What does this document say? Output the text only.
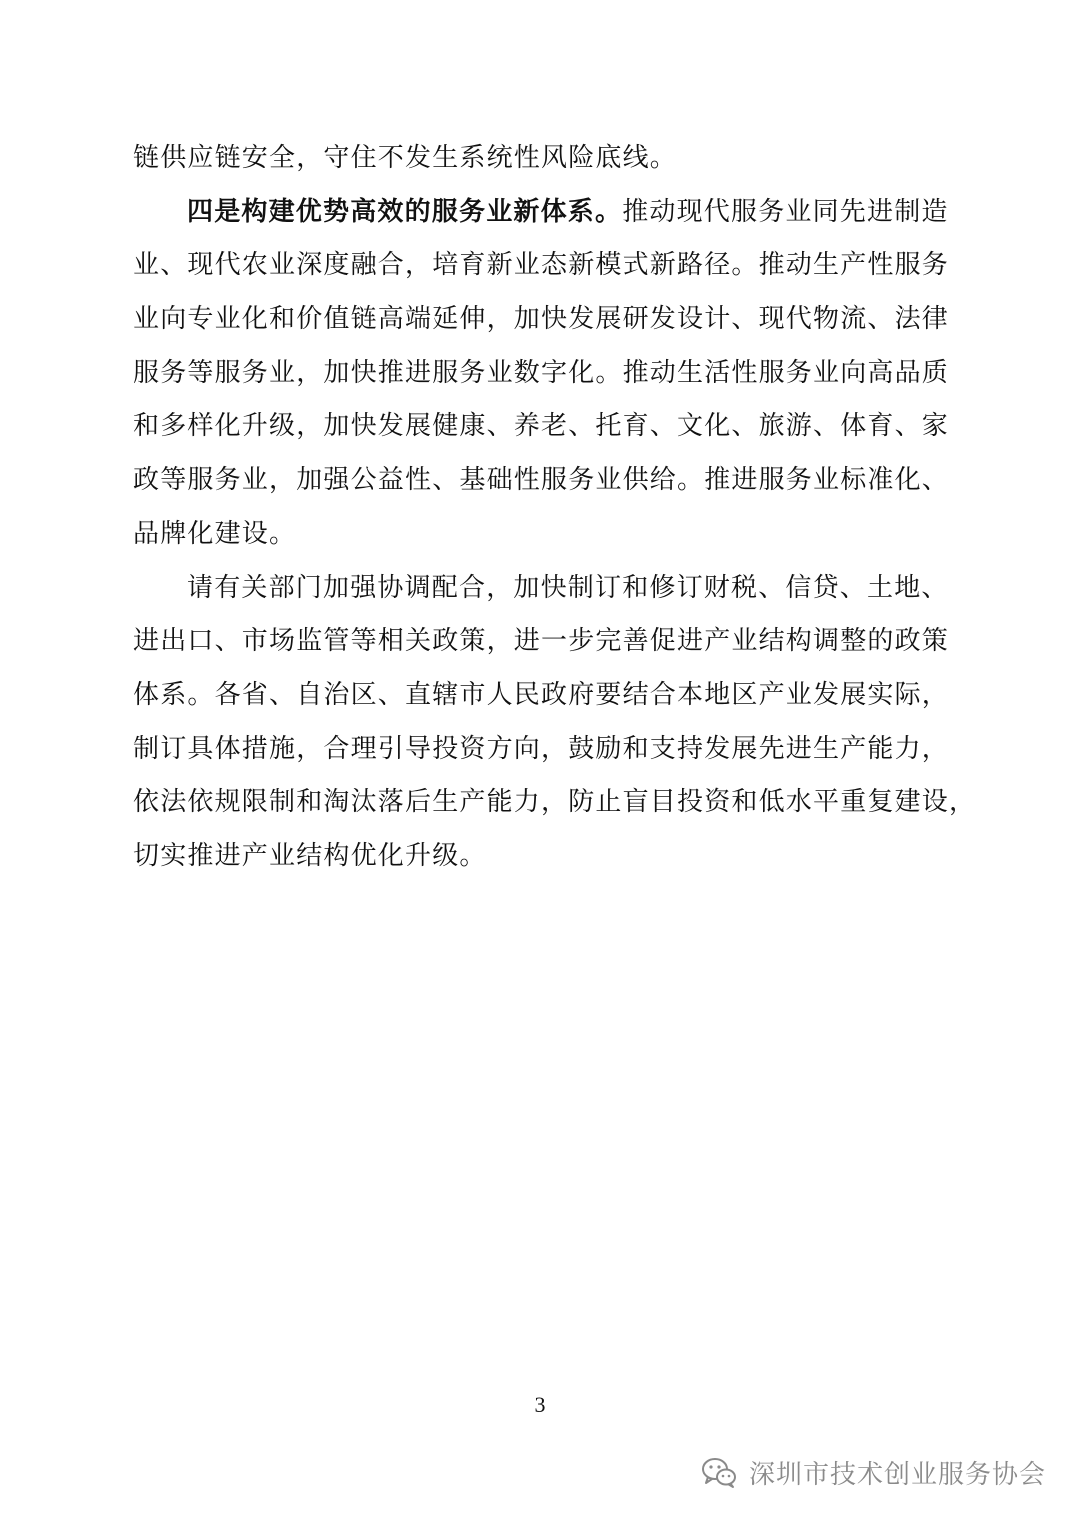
链供应链安全，守住不发生系统性风险底线。
四是构建优势高效的服务业新体系。推动现代服务业同先进制造
业、现代农业深度融合，培育新业态新模式新路径。推动生产性服务
业向专业化和价值链高端延伸，加快发展研发设计、现代物流、法律
服务等服务业，加快推进服务业数字化。推动生活性服务业向高品质
和多样化升级，加快发展健康、养老、托育、文化、旅游、体育、家
政等服务业，加强公益性、基础性服务业供给。推进服务业标准化、
品牌化建设。
请有关部门加强协调配合，加快制订和修订财税、信贷、土地、
进出口、市场监管等相关政策，进一步完善促进产业结构调整的政策
体系。各省、自治区、直辖市人民政府要结合本地区产业发展实际，
制订具体措施，合理引导投资方向，鼓励和支持发展先进生产能力，
依法依规限制和淘汰落后生产能力，防止盲目投资和低水平重复建设，
切实推进产业结构优化升级。
3
深圳市技术创业服务协会
